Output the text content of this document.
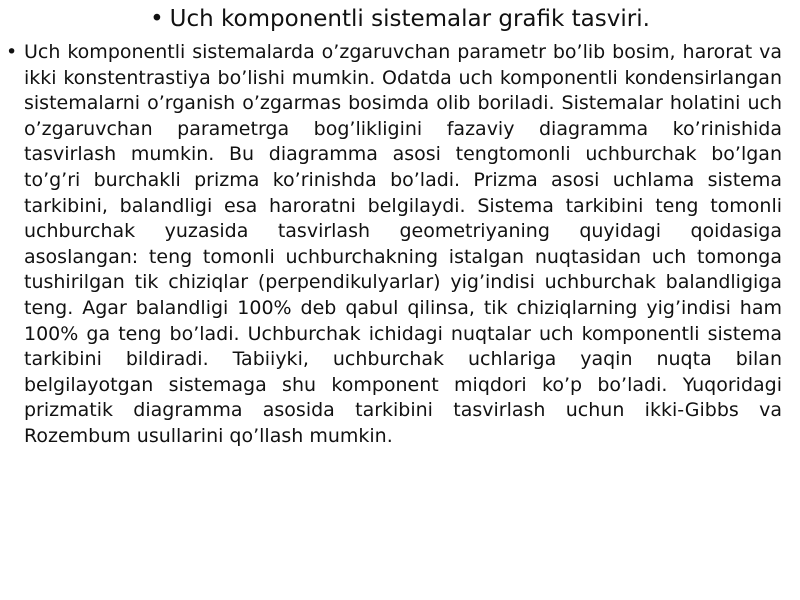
• Uch komponentli sistemalar grafik tasviri.
• Uch komponentli sistemalarda o’zgaruvchan parametr bo’lib bosim, harorat va ikki konstentrastiya bo’lishi mumkin. Odatda uch komponentli kondensirlangan sistemalarni o’rganish o’zgarmas bosimda olib boriladi. Sistemalar holatini uch o’zgaruvchan parametrga bog’likligini fazaviy diagramma ko’rinishida tasvirlash mumkin. Bu diagramma asosi tengtomonli uchburchak bo’lgan to’g’ri burchakli prizma ko’rinishda bo’ladi. Prizma asosi uchlama sistema tarkibini, balandligi esa haroratni belgilaydi. Sistema tarkibini teng tomonli uchburchak yuzasida tasvirlash geometriyaning quyidagi qoidasiga asoslangan: teng tomonli uchburchakning istalgan nuqtasidan uch tomonga tushirilgan tik chiziqlar (perpendikulyarlar) yig’indisi uchburchak balandligiga teng. Agar balandligi 100% deb qabul qilinsa, tik chiziqlarning yig’indisi ham 100% ga teng bo’ladi. Uchburchak ichidagi nuqtalar uch komponentli sistema tarkibini bildiradi. Tabiiyki, uchburchak uchlariga yaqin nuqta bilan belgilayotgan sistemaga shu komponent miqdori ko’p bo’ladi. Yuqoridagi prizmatik diagramma asosida tarkibini tasvirlash uchun ikki-Gibbs va Rozembum usullarini qo’llash mumkin.
